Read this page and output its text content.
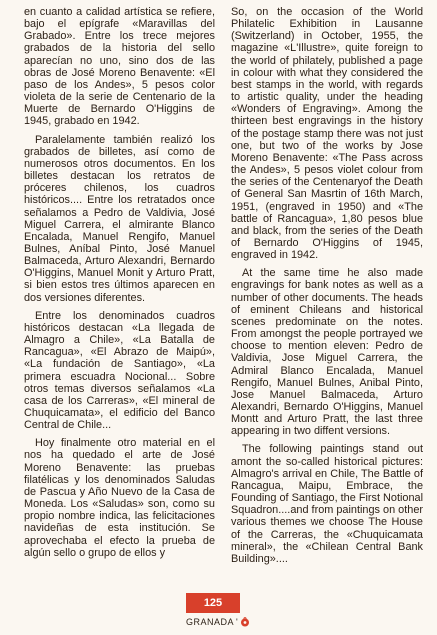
en cuanto a calidad artística se refiere, bajo el epígrafe «Maravillas del Grabado». Entre los trece mejores grabados de la historia del sello aparecían no uno, sino dos de las obras de José Moreno Benavente: «El paso de los Andes», 5 pesos color violeta de la serie de Centenario de la Muerte de Bernardo O'Higgins de 1945, grabado en 1942.

Paralelamente también realizó los grabados de billetes, así como de numerosos otros documentos. En los billetes destacan los retratos de próceres chilenos, los cuadros históricos.... Entre los retratados once señalamos a Pedro de Valdivia, José Miguel Carrera, el almirante Blanco Encalada, Manuel Rengifo, Manuel Bulnes, Aníbal Pinto, José Manuel Balmaceda, Arturo Alexandri, Bernardo O'Higgins, Manuel Monit y Arturo Pratt, si bien estos tres últimos aparecen en dos versiones diferentes.

Entre los denominados cuadros históricos destacan «La llegada de Almagro a Chile», «La Batalla de Rancagua», «El Abrazo de Maipú», «La fundación de Santiago», «La primera escuadra Nocional... Sobre otros temas diversos señalamos «La casa de los Carreras», «El mineral de Chuquicamata», el edificio del Banco Central de Chile...

Hoy finalmente otro material en el nos ha quedado el arte de José Moreno Benavente: las pruebas filatélicas y los denominados Saludas de Pascua y Año Nuevo de la Casa de Moneda. Los «Saludas» son, como su propio nombre indica, las felicitaciones navideñas de esta institución. Se aprovechaba el efecto la prueba de algún sello o grupo de ellos y

So, on the occasion of the World Philatelic Exhibition in Lausanne (Switzerland) in October, 1955, the magazine «L'Illustre», quite foreign to the world of philately, published a page in colour with what they considered the best stamps in the world, with regards to artistic quality, under the heading «Wonders of Engraving». Among the thirteen best engravings in the history of the postage stamp there was not just one, but two of the works by Jose Moreno Benavente: «The Pass across the Andes», 5 pesos violet colour from the series of the Centenaryof the Death of General San Masrtin of 16th March, 1951, (engraved in 1950) and «The battle of Rancagua», 1,80 pesos blue and black, from the series of the Death of Bernardo O'Higgins of 1945, engraved in 1942.

At the same time he also made engravings for bank notes as well as a number of other documents. The heads of eminent Chileans and historical scenes predominate on the notes. From amongst the people portrayed we choose to mention eleven: Pedro de Valdivia, Jose Miguel Carrera, the Admiral Blanco Encalada, Manuel Rengifo, Manuel Bulnes, Anibal Pinto, Jose Manuel Balmaceda, Arturo Alexandri, Bernardo O'Higgins, Manuel Montt and Arturo Pratt, the last three appearing in two diffent versions.

The following paintings stand out amont the so-called historical pictures: Almagro's arrival en Chile, The Battle of Rancagua, Maipu, Embrace, the Founding of Santiago, the First Notional Squadron....and from paintings on other various themes we choose The House of the Carreras, the «Chuquicamata mineral», the «Chilean Central Bank Building»....

125
GRANADA '
